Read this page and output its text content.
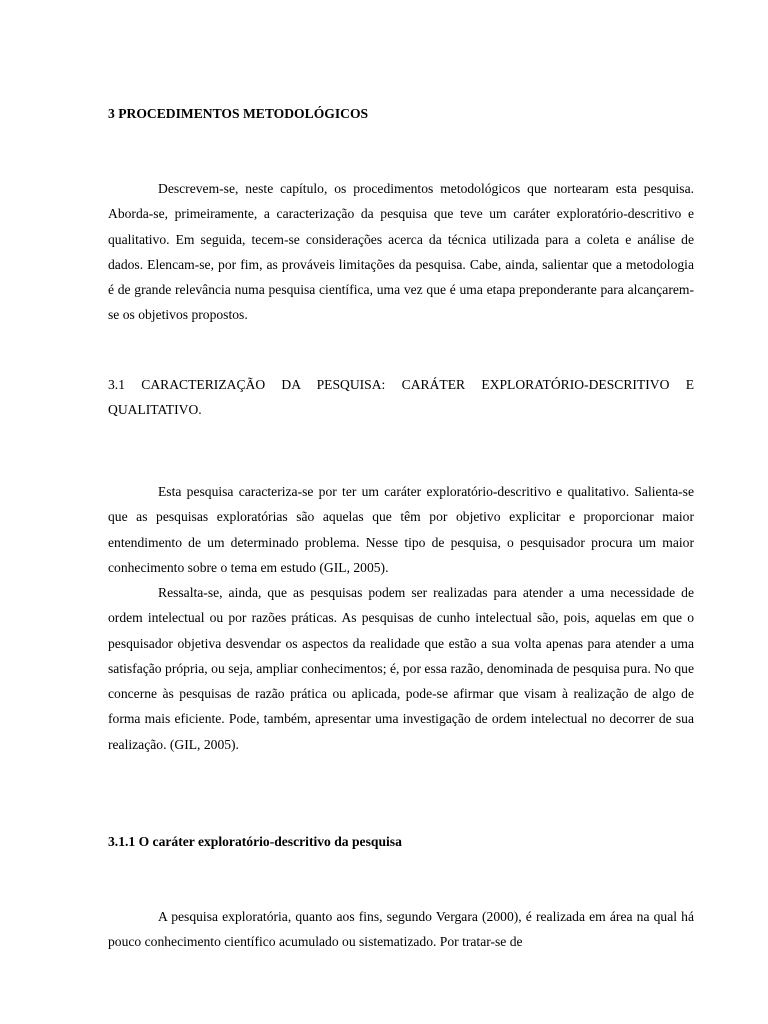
3 PROCEDIMENTOS METODOLÓGICOS

Descrevem-se, neste capítulo, os procedimentos metodológicos que nortearam esta pesquisa. Aborda-se, primeiramente, a caracterização da pesquisa que teve um caráter exploratório-descritivo e qualitativo. Em seguida, tecem-se considerações acerca da técnica utilizada para a coleta e análise de dados. Elencam-se, por fim, as prováveis limitações da pesquisa. Cabe, ainda, salientar que a metodologia é de grande relevância numa pesquisa científica, uma vez que é uma etapa preponderante para alcançarem-se os objetivos propostos.

3.1 CARACTERIZAÇÃO DA PESQUISA: CARÁTER EXPLORATÓRIO-DESCRITIVO E QUALITATIVO.

Esta pesquisa caracteriza-se por ter um caráter exploratório-descritivo e qualitativo. Salienta-se que as pesquisas exploratórias são aquelas que têm por objetivo explicitar e proporcionar maior entendimento de um determinado problema. Nesse tipo de pesquisa, o pesquisador procura um maior conhecimento sobre o tema em estudo (GIL, 2005).

Ressalta-se, ainda, que as pesquisas podem ser realizadas para atender a uma necessidade de ordem intelectual ou por razões práticas. As pesquisas de cunho intelectual são, pois, aquelas em que o pesquisador objetiva desvendar os aspectos da realidade que estão a sua volta apenas para atender a uma satisfação própria, ou seja, ampliar conhecimentos; é, por essa razão, denominada de pesquisa pura. No que concerne às pesquisas de razão prática ou aplicada, pode-se afirmar que visam à realização de algo de forma mais eficiente. Pode, também, apresentar uma investigação de ordem intelectual no decorrer de sua realização. (GIL, 2005).

3.1.1 O caráter exploratório-descritivo da pesquisa

A pesquisa exploratória, quanto aos fins, segundo Vergara (2000), é realizada em área na qual há pouco conhecimento científico acumulado ou sistematizado. Por tratar-se de
